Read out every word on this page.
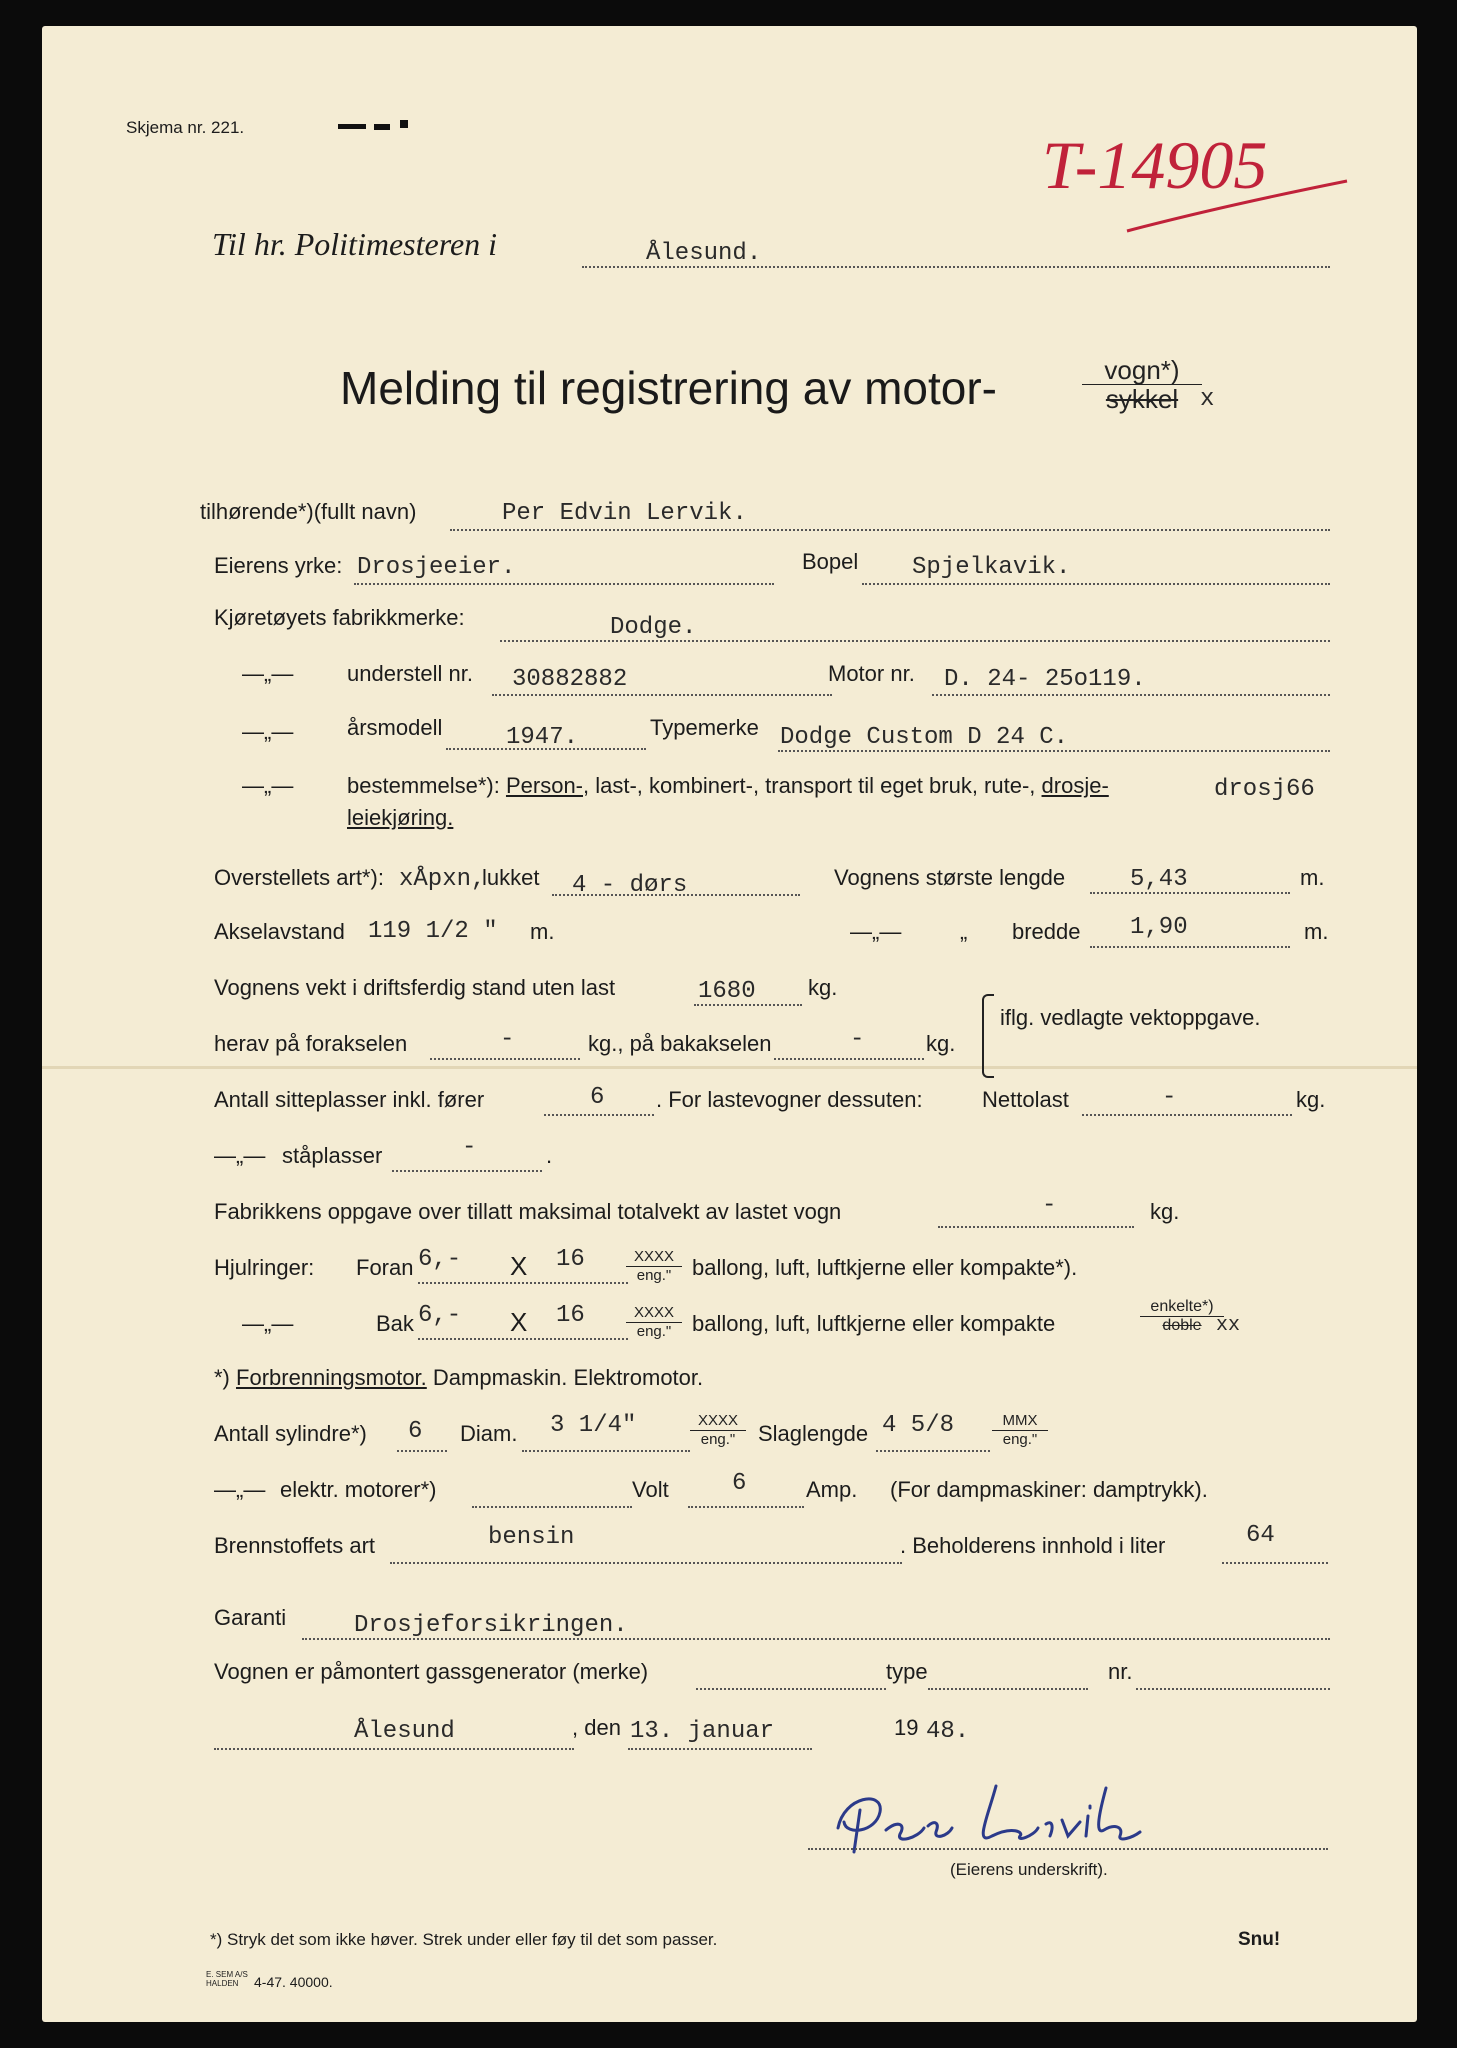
Skjema nr. 221.	T-14905
Til hr. Politimesteren i	Ålesund.
Melding til registrering av motor-	vogn*)
sykkel x
tilhørende*)(fullt navn)	Per Edvin Lervik.
Eierens yrke: Drosjeeier.	Bopel Spjelkavik.
Kjøretøyets fabrikkmerke:	Dodge.
—„— understell nr. 30882882	Motor nr. D. 24- 25o119.
—„— årsmodell	1947.	Typemerke Dodge Custom D 24 C.
—„— bestemmelse*): Person-, last-, kombinert-, transport til eget bruk, rute-, drosje-	drosj66
leiekjøring.
Overstellets art*): xÅpxn,
lukket 4 - dørs	Vognens største lengde	5,43	m.
Akselavstand 119 1/2 " m.	—„—	„ bredde 1,90	m.
Vognens vekt i driftsferdig stand uten last	1680 kg.
herav på forakselen	-	kg., på bakakselen	-	kg.
iflg. vedlagte vektoppgave.
Antall sitteplasser inkl. fører	6 . For lastevogner dessuten:	Nettolast	-	kg.
—„— ståplasser	-	.
Fabrikkens oppgave over tillatt maksimal totalvekt av lastet vogn	-	kg.
Hjulringer: Foran 6,- X 16	XXXX
eng." ballong, luft, luftkjerne eller kompakte*).
—„—	Bak 6,- X 16	XXXX
eng." ballong, luft, luftkjerne eller kompakte
enkelte*)
doble xx
*) Forbrenningsmotor. Dampmaskin. Elektromotor.
Antall sylindre*) 6 Diam. 3 1/4"	XXXX
eng."	Slaglengde 4 5/8	MMX
eng."
—„— elektr. motorer*)	Volt	6	Amp. (For dampmaskiner: damptrykk).
Brennstoffets art	bensin	. Beholderens innhold i liter	64
Garanti	Drosjeforsikringen.
Vognen er påmontert gassgenerator (merke)	type	nr.
Ålesund	, den 13. januar	19 48.
(Eierens underskrift).
*) Stryk det som ikke høver. Strek under eller føy til det som passer.	Snu!
E. SEM A/S
HALDEN	4-47. 40000.
